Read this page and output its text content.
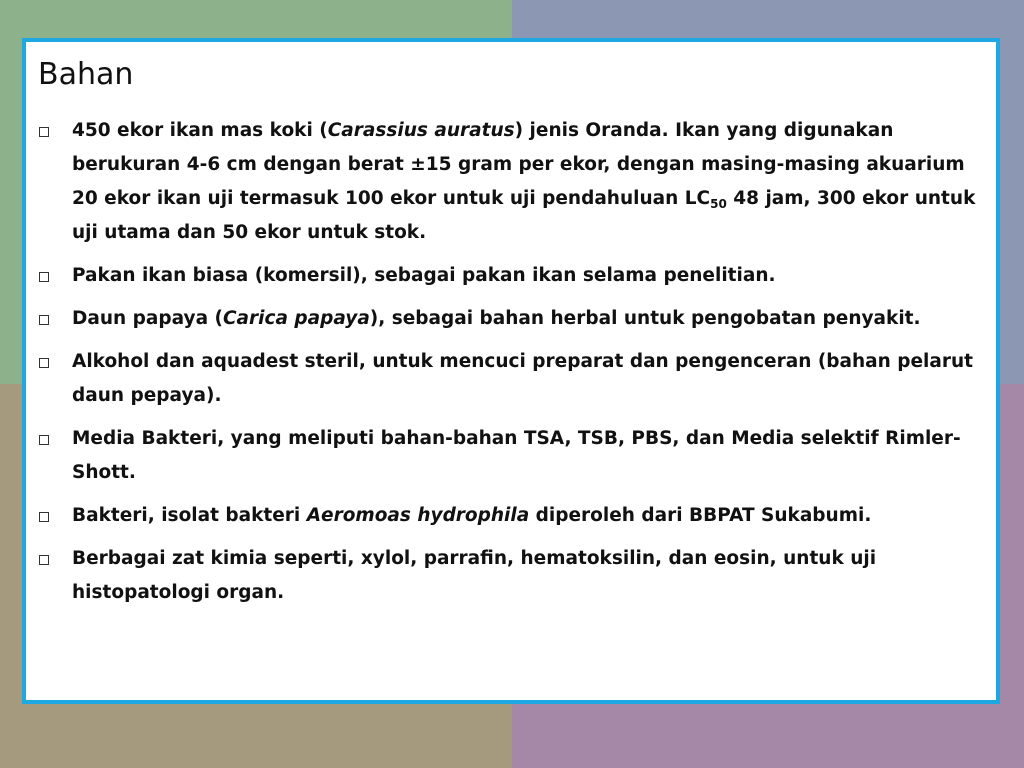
Bahan
450 ekor ikan mas koki (Carassius auratus) jenis Oranda. Ikan yang digunakan berukuran 4-6 cm dengan berat ±15 gram per ekor, dengan masing-masing akuarium 20 ekor ikan uji termasuk 100 ekor untuk uji pendahuluan $LC_{50}$ 48 jam, 300 ekor untuk uji utama dan 50 ekor untuk stok.
Pakan ikan biasa (komersil), sebagai pakan ikan selama penelitian.
Daun papaya (Carica papaya), sebagai bahan herbal untuk pengobatan penyakit.
Alkohol dan aquadest steril, untuk mencuci preparat dan pengenceran (bahan pelarut daun pepaya).
Media Bakteri, yang meliputi bahan-bahan TSA, TSB, PBS, dan Media selektif Rimler-Shott.
Bakteri, isolat bakteri Aeromoas hydrophila diperoleh dari BBPAT Sukabumi.
Berbagai zat kimia seperti, xylol, parrafin, hematoksilin, dan eosin, untuk uji histopatologi organ.
